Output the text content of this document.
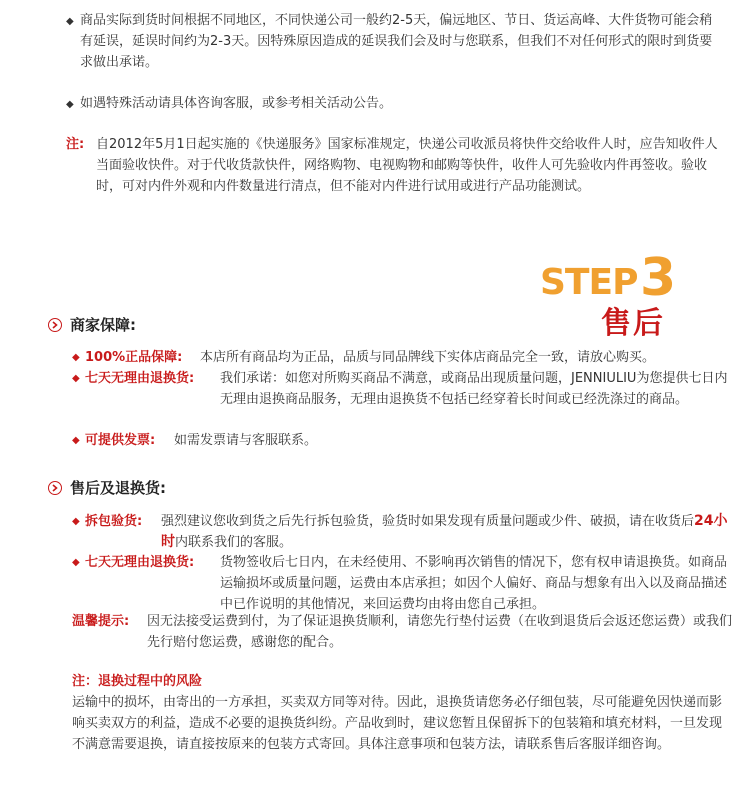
◆ 商品实际到货时间根据不同地区，不同快递公司一般约2-5天，偏远地区、节日、货运高峰、大件货物可能会稍有延误，延误时间约为2-3天。因特殊原因造成的延误我们会及时与您联系，但我们不对任何形式的限时到货要求做出承诺。
◆ 如遇特殊活动请具体咨询客服，或参考相关活动公告。
注: 自2012年5月1日起实施的《快递服务》国家标准规定，快递公司收派员将快件交给收件人时，应告知收件人当面验收快件。对于代收货款快件，网络购物、电视购物和邮购等快件，收件人可先验收内件再签收。验收时，可对内件外观和内件数量进行清点，但不能对内件进行试用或进行产品功能测试。
STEP 3
售后
商家保障:
◆ 100%正品保障: 本店所有商品均为正品，品质与同品牌线下实体店商品完全一致，请放心购买。
◆ 七天无理由退换货: 我们承诺：如您对所购买商品不满意，或商品出现质量问题，JENNIULIU为您提供七日内无理由退换商品服务，无理由退换货不包括已经穿着长时间或已经洗涤过的商品。
◆ 可提供发票: 如需发票请与客服联系。
售后及退换货:
◆ 拆包验货: 强烈建议您收到货之后先行拆包验货，验货时如果发现有质量问题或少件、破损，请在收货后24小时内联系我们的客服。
◆ 七天无理由退换货: 货物签收后七日内，在未经使用、不影响再次销售的情况下，您有权申请退换货。如商品运输损坏或质量问题，运费由本店承担；如因个人偏好、商品与想象有出入以及商品描述中已作说明的其他情况，来回运费均由将由您自己承担。
温馨提示: 因无法接受运费到付，为了保证退换货顺利，请您先行垫付运费（在收到退货后会返还您运费）或我们先行赔付您运费，感谢您的配合。
注：退换过程中的风险
运输中的损坏，由寄出的一方承担，买卖双方同等对待。因此，退换货请您务必仔细包装，尽可能避免因快递而影响买卖双方的利益，造成不必要的退换货纠纷。产品收到时，建议您暂且保留拆下的包装箱和填充材料，一旦发现不满意需要退换，请直接按原来的包装方式寄回。具体注意事项和包装方法，请联系售后客服详细咨询。
